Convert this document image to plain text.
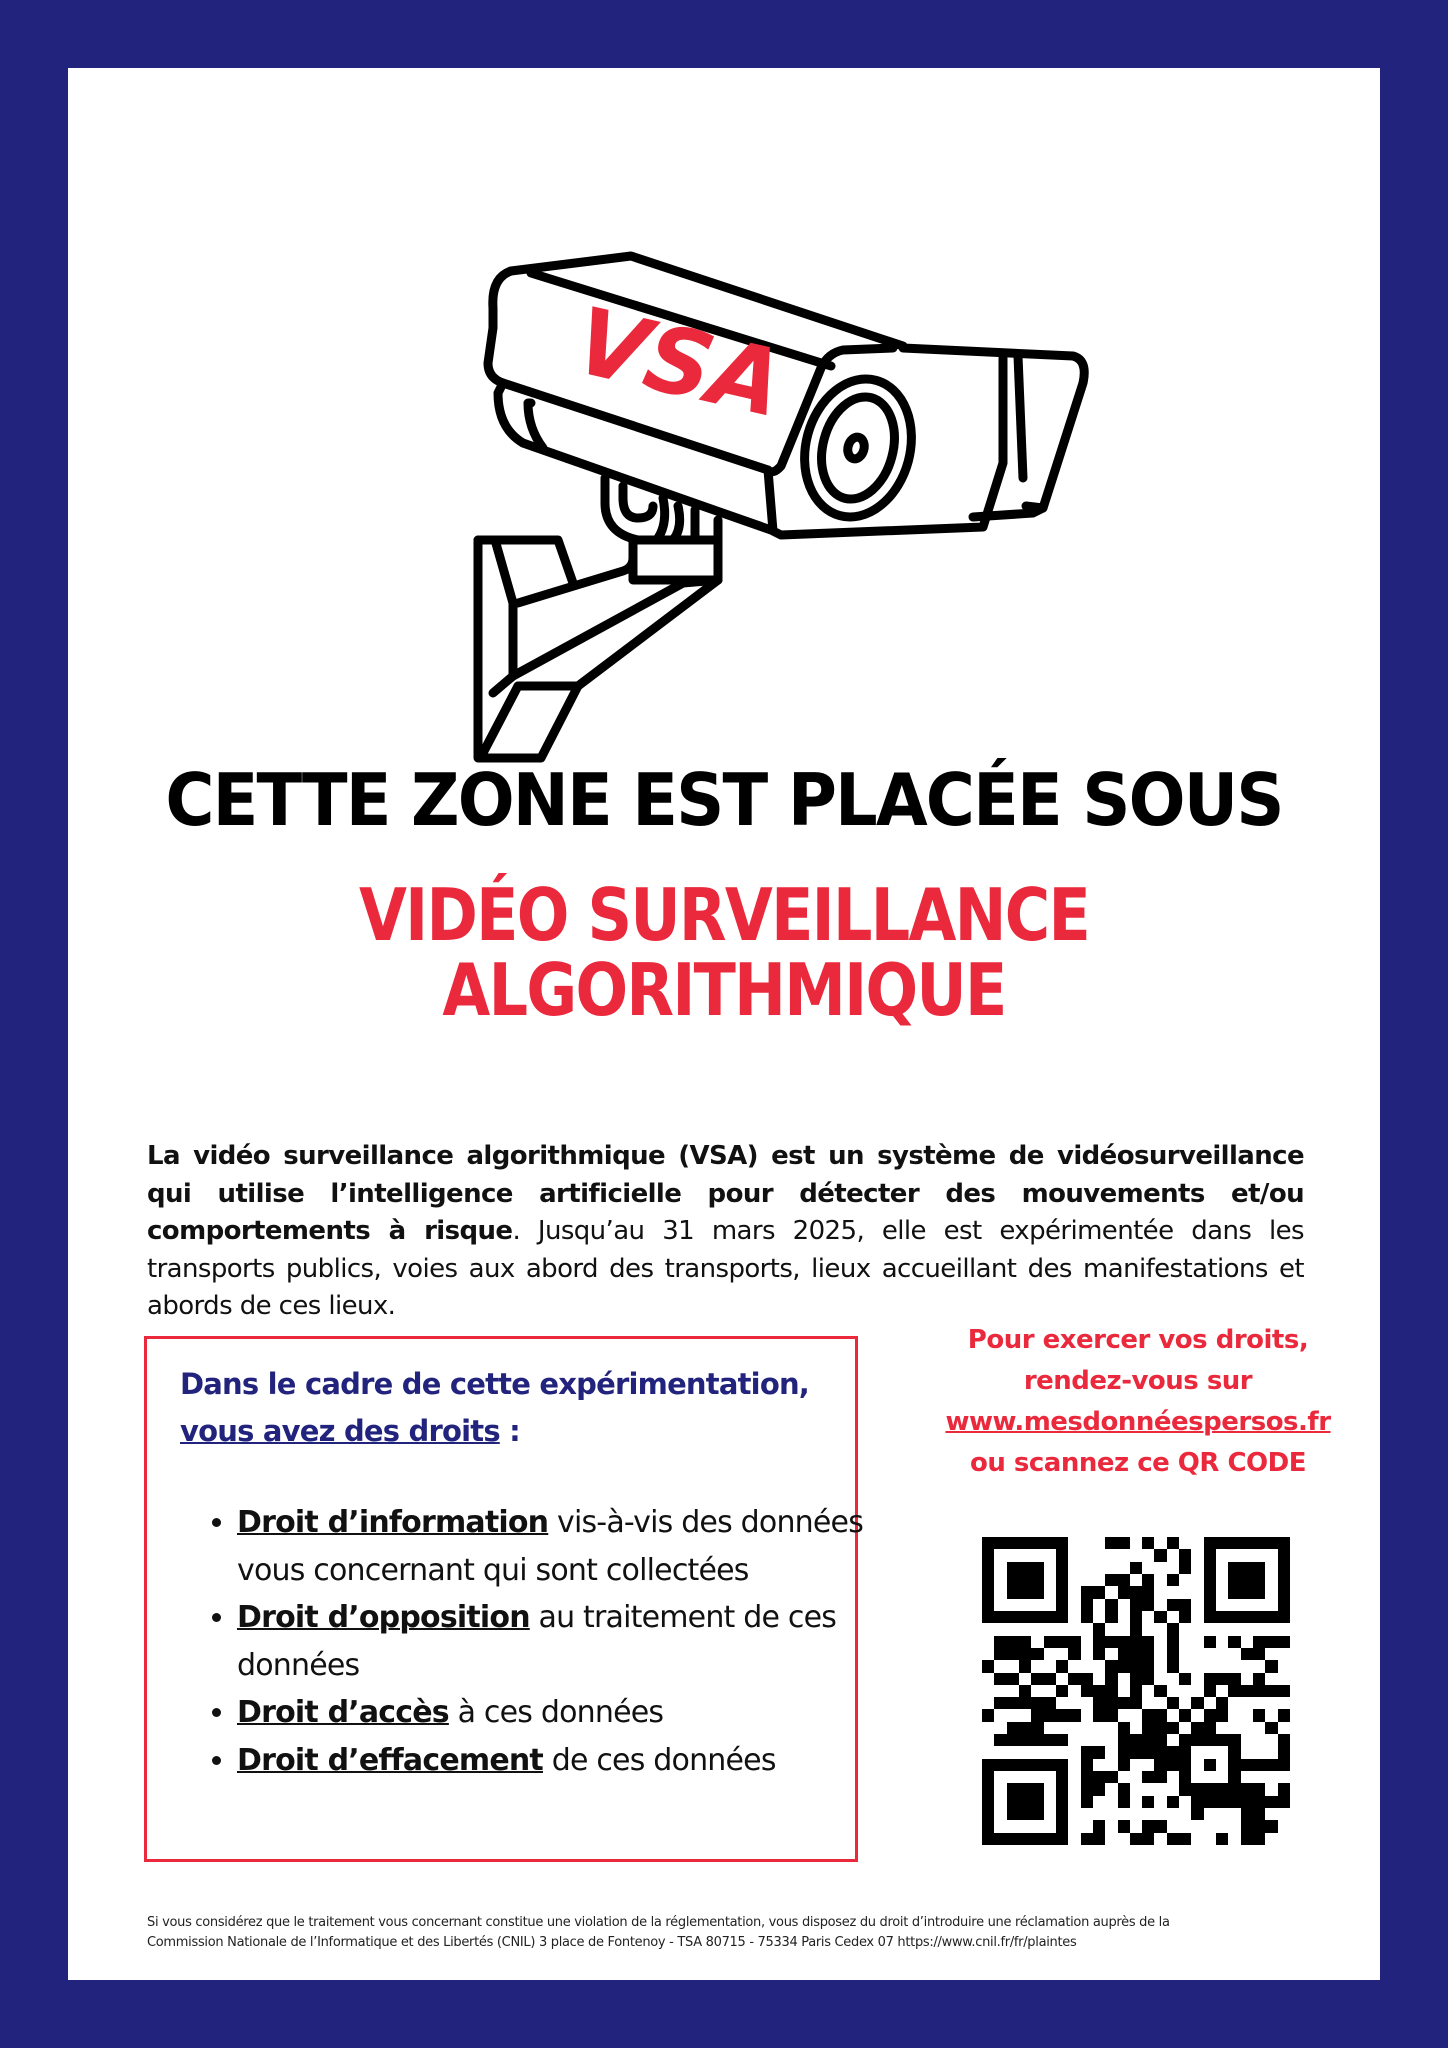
VSA
CETTE ZONE EST PLACÉE SOUS
VIDÉO SURVEILLANCE
ALGORITHMIQUE

La vidéo surveillance algorithmique (VSA) est un système de vidéosurveillance qui utilise l’intelligence artificielle pour détecter des mouvements et/ou comportements à risque. Jusqu’au 31 mars 2025, elle est expérimentée dans les transports publics, voies aux abord des transports, lieux accueillant des manifestations et abords de ces lieux.

Dans le cadre de cette expérimentation,
vous avez des droits :
• Droit d’information vis-à-vis des données vous concernant qui sont collectées
• Droit d’opposition au traitement de ces données
• Droit d’accès à ces données
• Droit d’effacement de ces données
Pour exercer vos droits,
rendez-vous sur
www.mesdonnéespersos.fr
ou scannez ce QR CODE
Si vous considérez que le traitement vous concernant constitue une violation de la réglementation, vous disposez du droit d’introduire une réclamation auprès de la
Commission Nationale de l’Informatique et des Libertés (CNIL) 3 place de Fontenoy - TSA 80715 - 75334 Paris Cedex 07 https://www.cnil.fr/fr/plaintes
